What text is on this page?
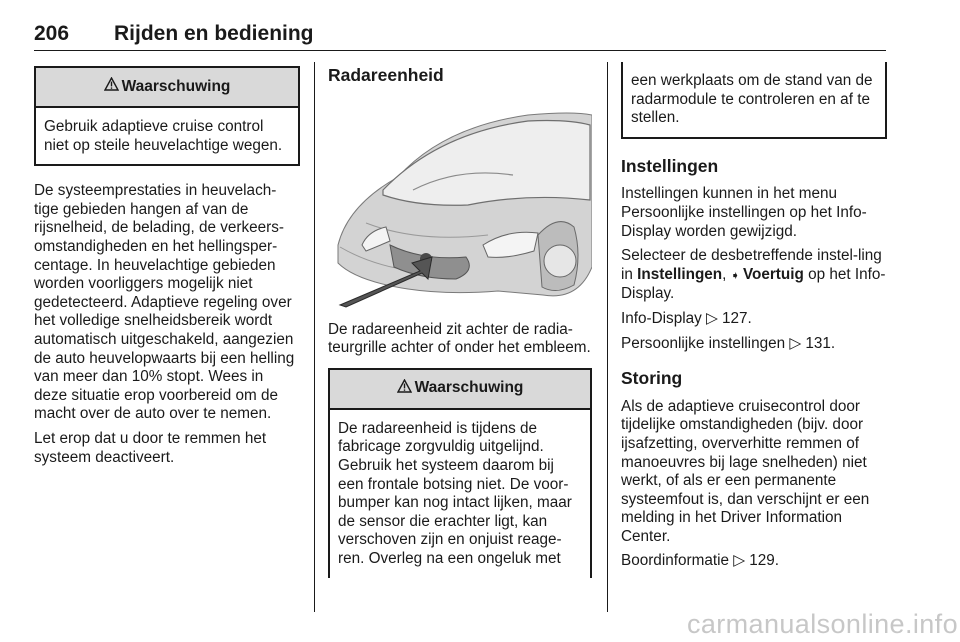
206 Rijden en bediening
Waarschuwing
Gebruik adaptieve cruise control niet op steile heuvelachtige wegen.

De systeemprestaties in heuvelach-tige gebieden hangen af van de rijsnelheid, de belading, de verkeers-omstandigheden en het hellingsper-centage. In heuvelachtige gebieden worden voorliggers mogelijk niet gedetecteerd. Adaptieve regeling over het volledige snelheidsbereik wordt automatisch uitgeschakeld, aangezien de auto heuvelopwaarts bij een helling van meer dan 10% stopt. Wees in deze situatie erop voorbereid om de macht over de auto over te nemen.

Let erop dat u door te remmen het systeem deactiveert.

Radareenheid

De radareenheid zit achter de radia-teurgrille achter of onder het embleem.

Waarschuwing
De radareenheid is tijdens de fabricage zorgvuldig uitgelijnd. Gebruik het systeem daarom bij een frontale botsing niet. De voor-bumper kan nog intact lijken, maar de sensor die erachter ligt, kan verschoven zijn en onjuist reage-ren. Overleg na een ongeluk met
een werkplaats om de stand van de radarmodule te controleren en af te stellen.
Instellingen

Instellingen kunnen in het menu Persoonlijke instellingen op het Info-Display worden gewijzigd.

Selecteer de desbetreffende instel-ling in Instellingen, ➧ Voertuig op het Info-Display.

Info-Display ▷ 127.

Persoonlijke instellingen ▷ 131.

Storing

Als de adaptieve cruisecontrol door tijdelijke omstandigheden (bijv. door ijsafzetting, oververhitte remmen of manoeuvres bij lage snelheden) niet werkt, of als er een permanente systeemfout is, dan verschijnt er een melding in het Driver Information Center.

Boordinformatie ▷ 129.

carmanualsonline.info
